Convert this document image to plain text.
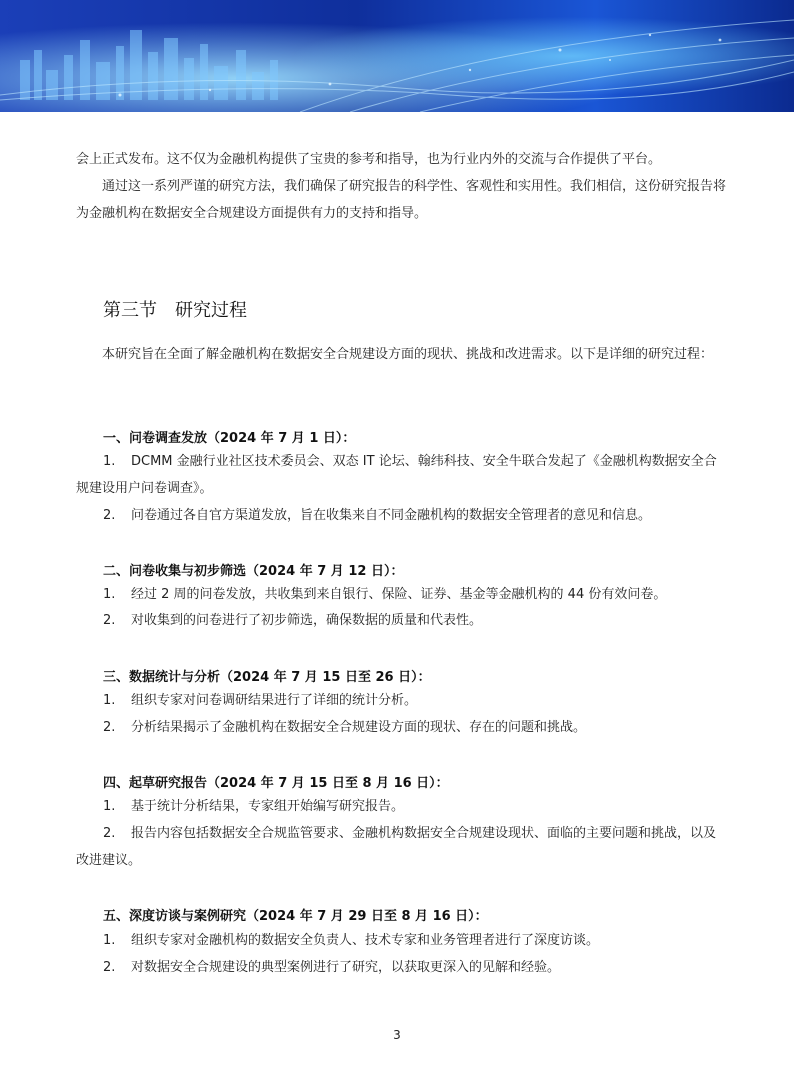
会上正式发布。这不仅为金融机构提供了宝贵的参考和指导，也为行业内外的交流与合作提供了平台。

通过这一系列严谨的研究方法，我们确保了研究报告的科学性、客观性和实用性。我们相信，这份研究报告将为金融机构在数据安全合规建设方面提供有力的支持和指导。

第三节　研究过程

本研究旨在全面了解金融机构在数据安全合规建设方面的现状、挑战和改进需求。以下是详细的研究过程：

一、问卷调查发放（2024 年 7 月 1 日）：

1. DCMM 金融行业社区技术委员会、双态 IT 论坛、翰纬科技、安全牛联合发起了《金融机构数据安全合规建设用户问卷调查》。

2. 问卷通过各自官方渠道发放，旨在收集来自不同金融机构的数据安全管理者的意见和信息。

二、问卷收集与初步筛选（2024 年 7 月 12 日）：

1. 经过 2 周的问卷发放，共收集到来自银行、保险、证券、基金等金融机构的 44 份有效问卷。

2. 对收集到的问卷进行了初步筛选，确保数据的质量和代表性。

三、数据统计与分析（2024 年 7 月 15 日至 26 日）：

1. 组织专家对问卷调研结果进行了详细的统计分析。

2. 分析结果揭示了金融机构在数据安全合规建设方面的现状、存在的问题和挑战。

四、起草研究报告（2024 年 7 月 15 日至 8 月 16 日）：

1. 基于统计分析结果，专家组开始编写研究报告。

2. 报告内容包括数据安全合规监管要求、金融机构数据安全合规建设现状、面临的主要问题和挑战，以及改进建议。

五、深度访谈与案例研究（2024 年 7 月 29 日至 8 月 16 日）：

1. 组织专家对金融机构的数据安全负责人、技术专家和业务管理者进行了深度访谈。

2. 对数据安全合规建设的典型案例进行了研究，以获取更深入的见解和经验。

3
